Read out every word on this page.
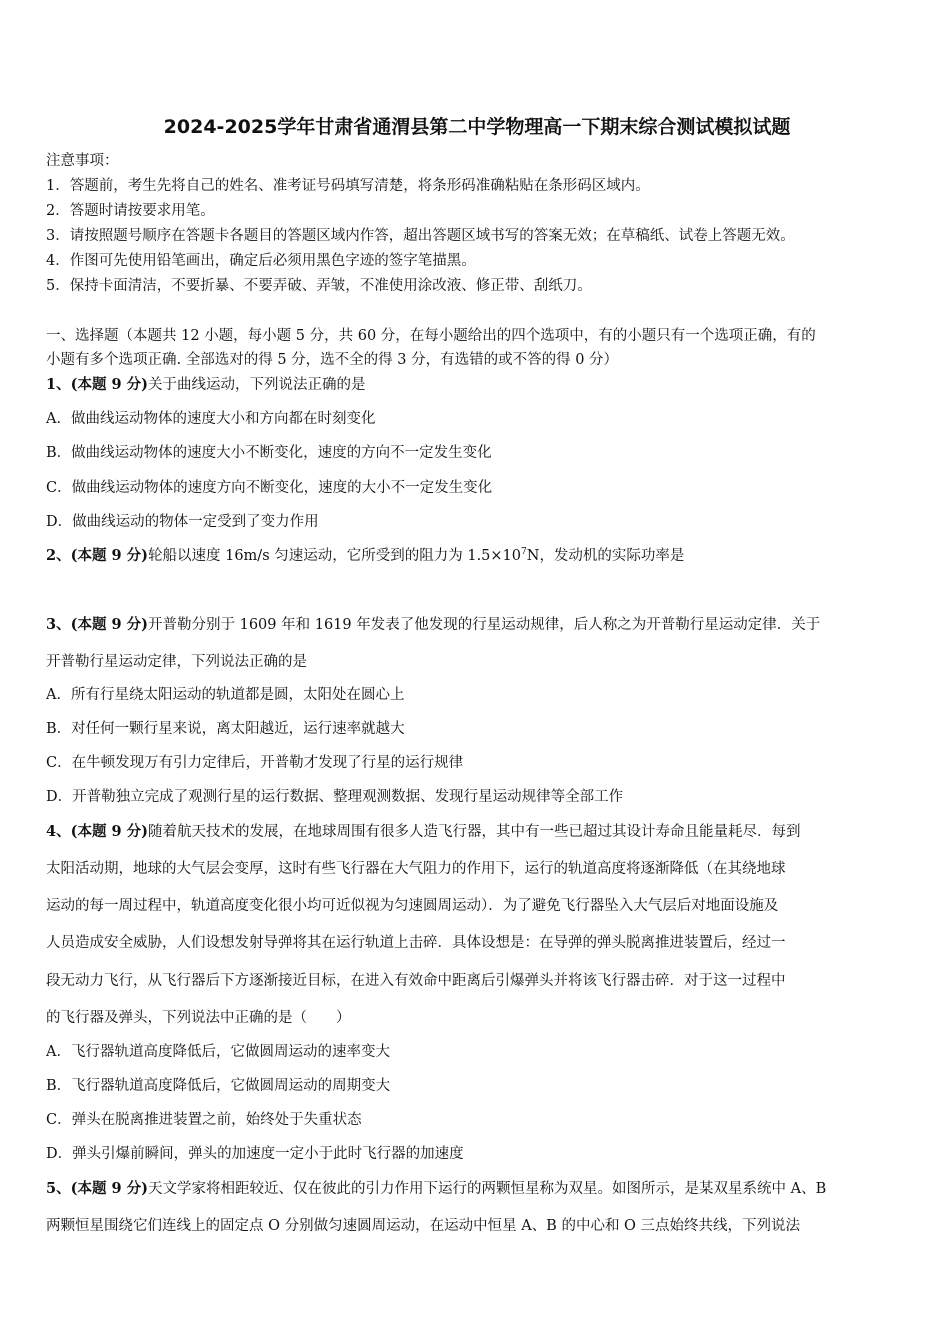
2024-2025学年甘肃省通渭县第二中学物理高一下期末综合测试模拟试题
注意事项：
1．答题前，考生先将自己的姓名、准考证号码填写清楚，将条形码准确粘贴在条形码区域内。
2．答题时请按要求用笔。
3．请按照题号顺序在答题卡各题目的答题区域内作答，超出答题区域书写的答案无效；在草稿纸、试卷上答题无效。
4．作图可先使用铅笔画出，确定后必须用黑色字迹的签字笔描黑。
5．保持卡面清洁，不要折暴、不要弄破、弄皱，不准使用涂改液、修正带、刮纸刀。
一、选择题（本题共 12 小题，每小题 5 分，共 60 分，在每小题给出的四个选项中，有的小题只有一个选项正确，有的
小题有多个选项正确. 全部选对的得 5 分，选不全的得 3 分，有选错的或不答的得 0 分）
1、(本题 9 分)关于曲线运动，下列说法正确的是
A．做曲线运动物体的速度大小和方向都在时刻变化
B．做曲线运动物体的速度大小不断变化，速度的方向不一定发生变化
C．做曲线运动物体的速度方向不断变化，速度的大小不一定发生变化
D．做曲线运动的物体一定受到了变力作用
2、(本题 9 分)轮船以速度 16m/s 匀速运动，它所受到的阻力为 $1.5\times 10^7N$，发动机的实际功率是
3、(本题 9 分)开普勒分别于 1609 年和 1619 年发表了他发现的行星运动规律，后人称之为开普勒行星运动定律．关于
开普勒行星运动定律，下列说法正确的是
A．所有行星绕太阳运动的轨道都是圆，太阳处在圆心上
B．对任何一颗行星来说，离太阳越近，运行速率就越大
C．在牛顿发现万有引力定律后，开普勒才发现了行星的运行规律
D．开普勒独立完成了观测行星的运行数据、整理观测数据、发现行星运动规律等全部工作
4、(本题 9 分)随着航天技术的发展，在地球周围有很多人造飞行器，其中有一些已超过其设计寿命且能量耗尽．每到
太阳活动期，地球的大气层会变厚，这时有些飞行器在大气阻力的作用下，运行的轨道高度将逐渐降低（在其绕地球
运动的每一周过程中，轨道高度变化很小均可近似视为匀速圆周运动）．为了避免飞行器坠入大气层后对地面设施及
人员造成安全威胁，人们设想发射导弹将其在运行轨道上击碎．具体设想是：在导弹的弹头脱离推进装置后，经过一
段无动力飞行，从飞行器后下方逐渐接近目标，在进入有效命中距离后引爆弹头并将该飞行器击碎．对于这一过程中
的飞行器及弹头，下列说法中正确的是（　　）
A．飞行器轨道高度降低后，它做圆周运动的速率变大
B．飞行器轨道高度降低后，它做圆周运动的周期变大
C．弹头在脱离推进装置之前，始终处于失重状态
D．弹头引爆前瞬间，弹头的加速度一定小于此时飞行器的加速度
5、(本题 9 分)天文学家将相距较近、仅在彼此的引力作用下运行的两颗恒星称为双星。如图所示，是某双星系统中 A、B
两颗恒星围绕它们连线上的固定点 O 分别做匀速圆周运动，在运动中恒星 A、B 的中心和 O 三点始终共线，下列说法
